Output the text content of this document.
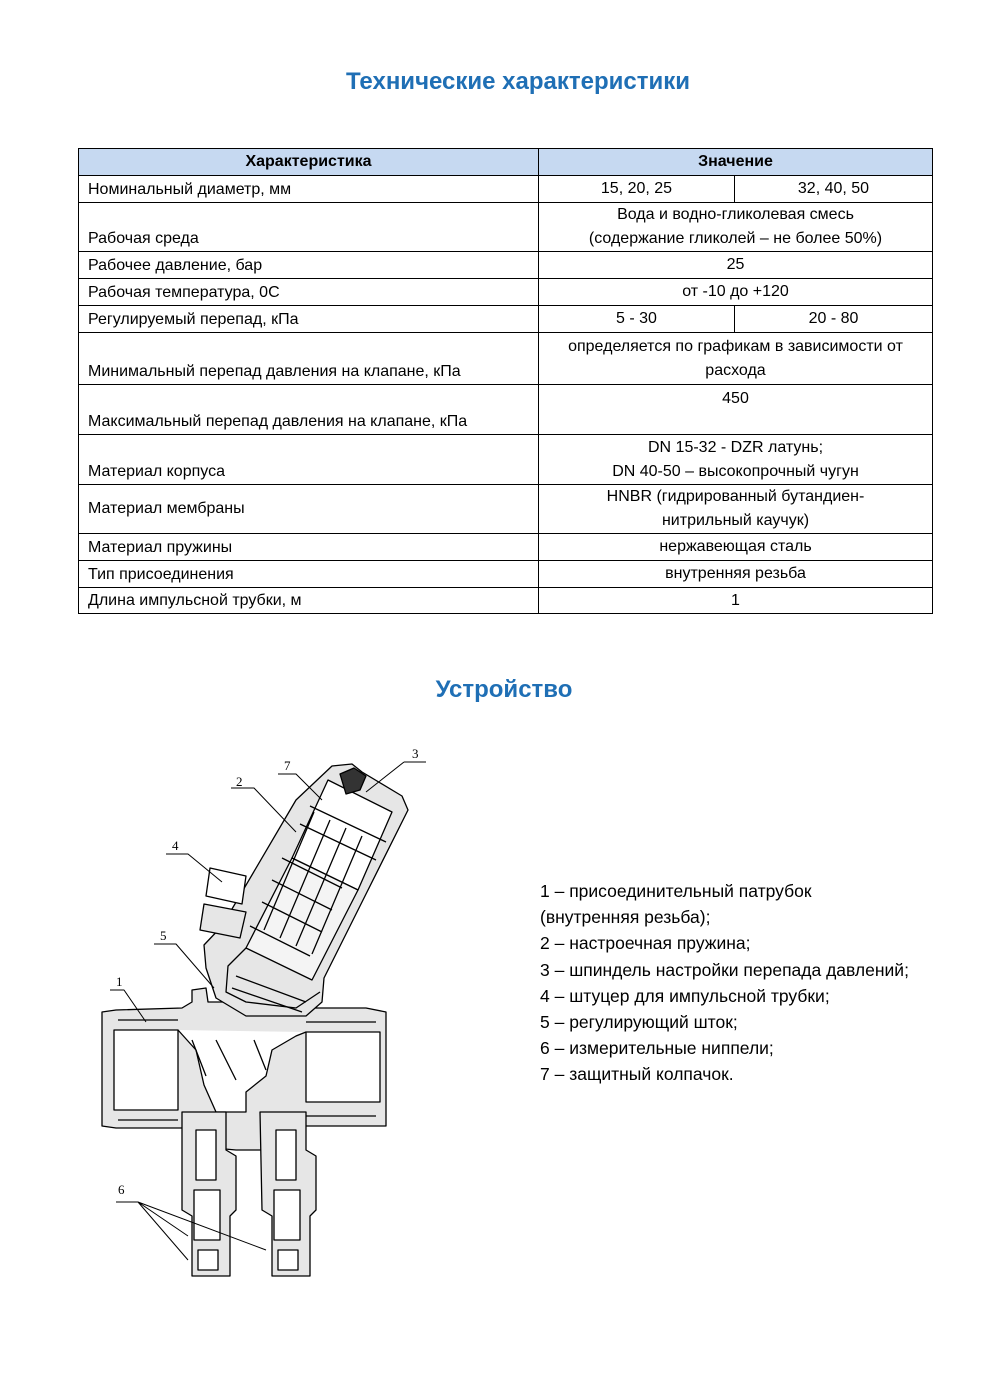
Технические характеристики
Характеристика	Значение	
Номинальный диаметр, мм	15, 20, 25	32, 40, 50
Рабочая среда	Вода и водно-гликолевая смесь
(содержание гликолей – не более 50%)	

Рабочее давление, бар	25	
Рабочая температура, 0С	от -10 до +120	
Регулируемый перепад, кПа	5 - 30	20 - 80
Минимальный перепад давления на клапане, кПа	определяется по графикам в зависимости от
расхода	

Максимальный перепад давления на клапане, кПа	450	
Материал корпуса	DN 15-32 - DZR латунь;
DN 40-50 – высокопрочный чугун	

Материал мембраны	HNBR (гидрированный бутандиен-
нитрильный каучук)	

Материал пружины	нержавеющая сталь	
Тип присоединения	внутренняя резьба	
Длина импульсной трубки, м	1	
Устройство
1
2
3
4
5
6
7
1 – присоединительный патрубок
(внутренняя резьба);
2 – настроечная пружина;
3 – шпиндель настройки перепада давлений;
4 – штуцер для импульсной трубки;
5 – регулирующий шток;
6 – измерительные ниппели;
7 – защитный колпачок.
